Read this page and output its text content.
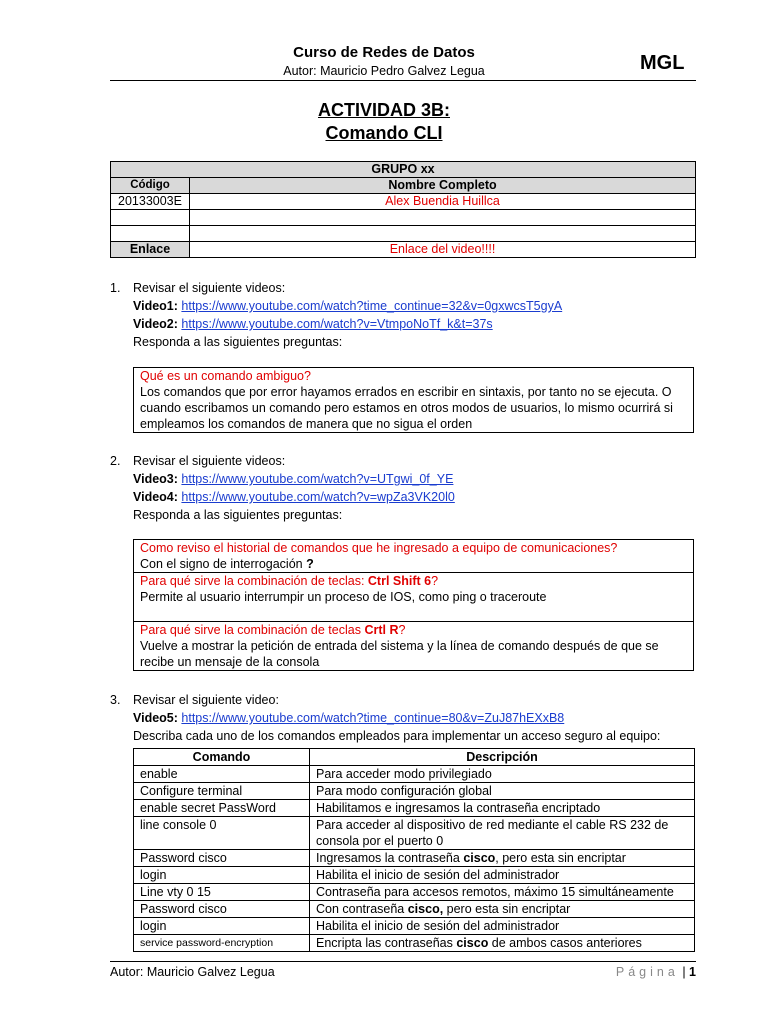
Curso de Redes de Datos
Autor: Mauricio Pedro Galvez Legua	MGL
ACTIVIDAD 3B:
Comando CLI
GRUPO xx	
Código	Nombre Completo
20133003E	Alex Buendia Huillca

Enlace	Enlace del video!!!!
1. Revisar el siguiente videos:
Video1: https://www.youtube.com/watch?time_continue=32&v=0gxwcsT5gyA
Video2: https://www.youtube.com/watch?v=VtmpoNoTf_k&t=37s
Responda a las siguientes preguntas:
Qué es un comando ambiguo?
Los comandos que por error hayamos errados en escribir en sintaxis, por tanto no se ejecuta. O cuando escribamos un comando pero estamos en otros modos de usuarios, lo mismo ocurrirá si empleamos los comandos de manera que no sigua el orden
2. Revisar el siguiente videos:
Video3: https://www.youtube.com/watch?v=UTgwi_0f_YE
Video4: https://www.youtube.com/watch?v=wpZa3VK20l0
Responda a las siguientes preguntas:
Como reviso el historial de comandos que he ingresado a equipo de comunicaciones?
Con el signo de interrogación ?
Para qué sirve la combinación de teclas: Ctrl Shift 6?
Permite al usuario interrumpir un proceso de IOS, como ping o traceroute
Para qué sirve la combinación de teclas Crtl R?
Vuelve a mostrar la petición de entrada del sistema y la línea de comando después de que se recibe un mensaje de la consola
3. Revisar el siguiente video:
Video5: https://www.youtube.com/watch?time_continue=80&v=ZuJ87hEXxB8
Describa cada uno de los comandos empleados para implementar un acceso seguro al equipo:
Comando	Descripción
enable	Para acceder modo privilegiado
Configure terminal	Para modo configuración global
enable secret PassWord	Habilitamos e ingresamos la contraseña encriptado
line console 0	Para acceder al dispositivo de red mediante el cable RS 232 de consola por el puerto 0
Password cisco	Ingresamos la contraseña cisco, pero esta sin encriptar
login	Habilita el inicio de sesión del administrador
Line vty 0 15	Contraseña para accesos remotos, máximo 15 simultáneamente
Password cisco	Con contraseña cisco, pero esta sin encriptar
login	Habilita el inicio de sesión del administrador
service password-encryption	Encripta las contraseñas cisco de ambos casos anteriores
Autor: Mauricio Galvez Legua	Página | 1
